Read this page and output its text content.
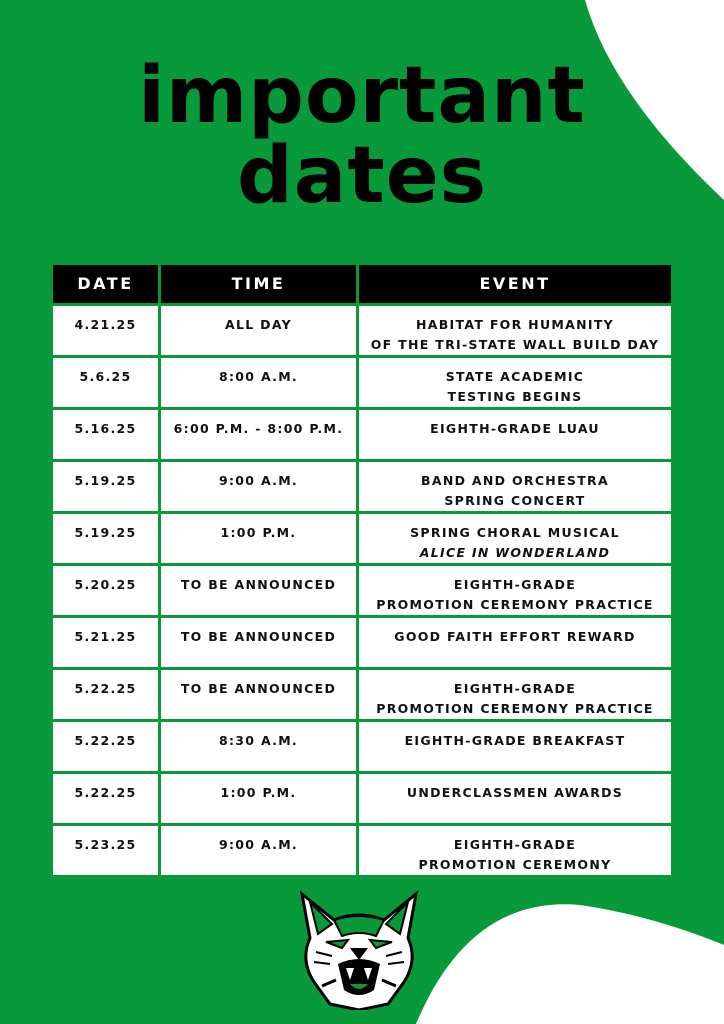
important
dates
DATE	TIME	EVENT
4.21.25	ALL DAY	HABITAT FOR HUMANITY
OF THE TRI-STATE WALL BUILD DAY
5.6.25	8:00 A.M.	STATE ACADEMIC
TESTING BEGINS
5.16.25	6:00 P.M. - 8:00 P.M.	EIGHTH-GRADE LUAU
5.19.25	9:00 A.M.	BAND AND ORCHESTRA
SPRING CONCERT
5.19.25	1:00 P.M.	SPRING CHORAL MUSICAL
ALICE IN WONDERLAND
5.20.25	TO BE ANNOUNCED	EIGHTH-GRADE
PROMOTION CEREMONY PRACTICE
5.21.25	TO BE ANNOUNCED	GOOD FAITH EFFORT REWARD
5.22.25	TO BE ANNOUNCED	EIGHTH-GRADE
PROMOTION CEREMONY PRACTICE
5.22.25	8:30 A.M.	EIGHTH-GRADE BREAKFAST
5.22.25	1:00 P.M.	UNDERCLASSMEN AWARDS
5.23.25	9:00 A.M.	EIGHTH-GRADE
PROMOTION CEREMONY
